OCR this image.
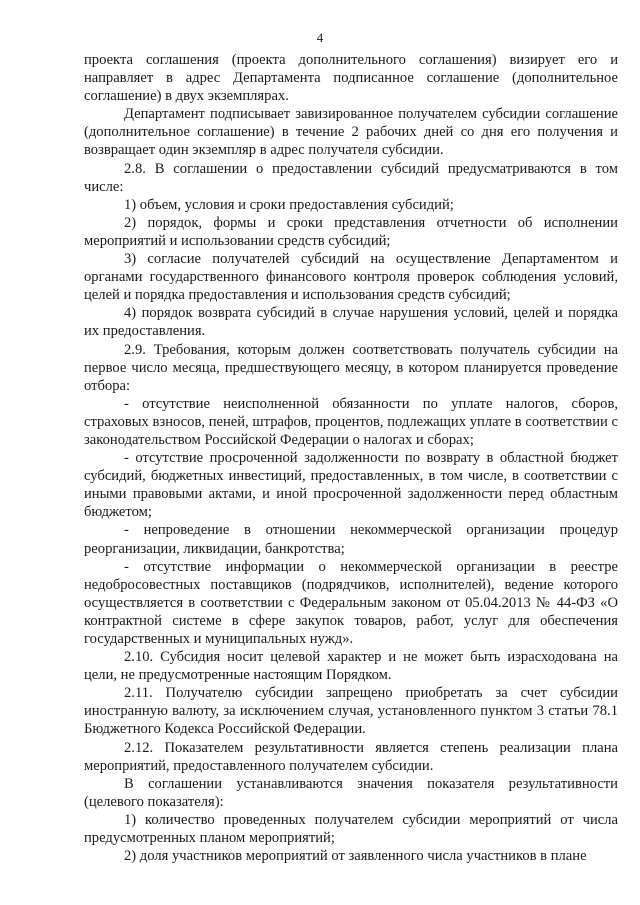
4

проекта соглашения (проекта дополнительного соглашения) визирует его и направляет в адрес Департамента подписанное соглашение (дополнительное соглашение) в двух экземплярах.

Департамент подписывает завизированное получателем субсидии соглашение (дополнительное соглашение) в течение 2 рабочих дней со дня его получения и возвращает один экземпляр в адрес получателя субсидии.

2.8. В соглашении о предоставлении субсидий предусматриваются в том числе:

1) объем, условия и сроки предоставления субсидий;

2) порядок, формы и сроки представления отчетности об исполнении мероприятий и использовании средств субсидий;

3) согласие получателей субсидий на осуществление Департаментом и органами государственного финансового контроля проверок соблюдения условий, целей и порядка предоставления и использования средств субсидий;

4) порядок возврата субсидий в случае нарушения условий, целей и порядка их предоставления.

2.9. Требования, которым должен соответствовать получатель субсидии на первое число месяца, предшествующего месяцу, в котором планируется проведение отбора:

- отсутствие неисполненной обязанности по уплате налогов, сборов, страховых взносов, пеней, штрафов, процентов, подлежащих уплате в соответствии с законодательством Российской Федерации о налогах и сборах;

- отсутствие просроченной задолженности по возврату в областной бюджет субсидий, бюджетных инвестиций, предоставленных, в том числе, в соответствии с иными правовыми актами, и иной просроченной задолженности перед областным бюджетом;

- непроведение в отношении некоммерческой организации процедур реорганизации, ликвидации, банкротства;

- отсутствие информации о некоммерческой организации в реестре недобросовестных поставщиков (подрядчиков, исполнителей), ведение которого осуществляется в соответствии с Федеральным законом от 05.04.2013 № 44-ФЗ «О контрактной системе в сфере закупок товаров, работ, услуг для обеспечения государственных и муниципальных нужд».

2.10. Субсидия носит целевой характер и не может быть израсходована на цели, не предусмотренные настоящим Порядком.

2.11. Получателю субсидии запрещено приобретать за счет субсидии иностранную валюту, за исключением случая, установленного пунктом 3 статьи 78.1 Бюджетного Кодекса Российской Федерации.

2.12. Показателем результативности является степень реализации плана мероприятий, предоставленного получателем субсидии.

В соглашении устанавливаются значения показателя результативности (целевого показателя):

1) количество проведенных получателем субсидии мероприятий от числа предусмотренных планом мероприятий;

2) доля участников мероприятий от заявленного числа участников в плане
